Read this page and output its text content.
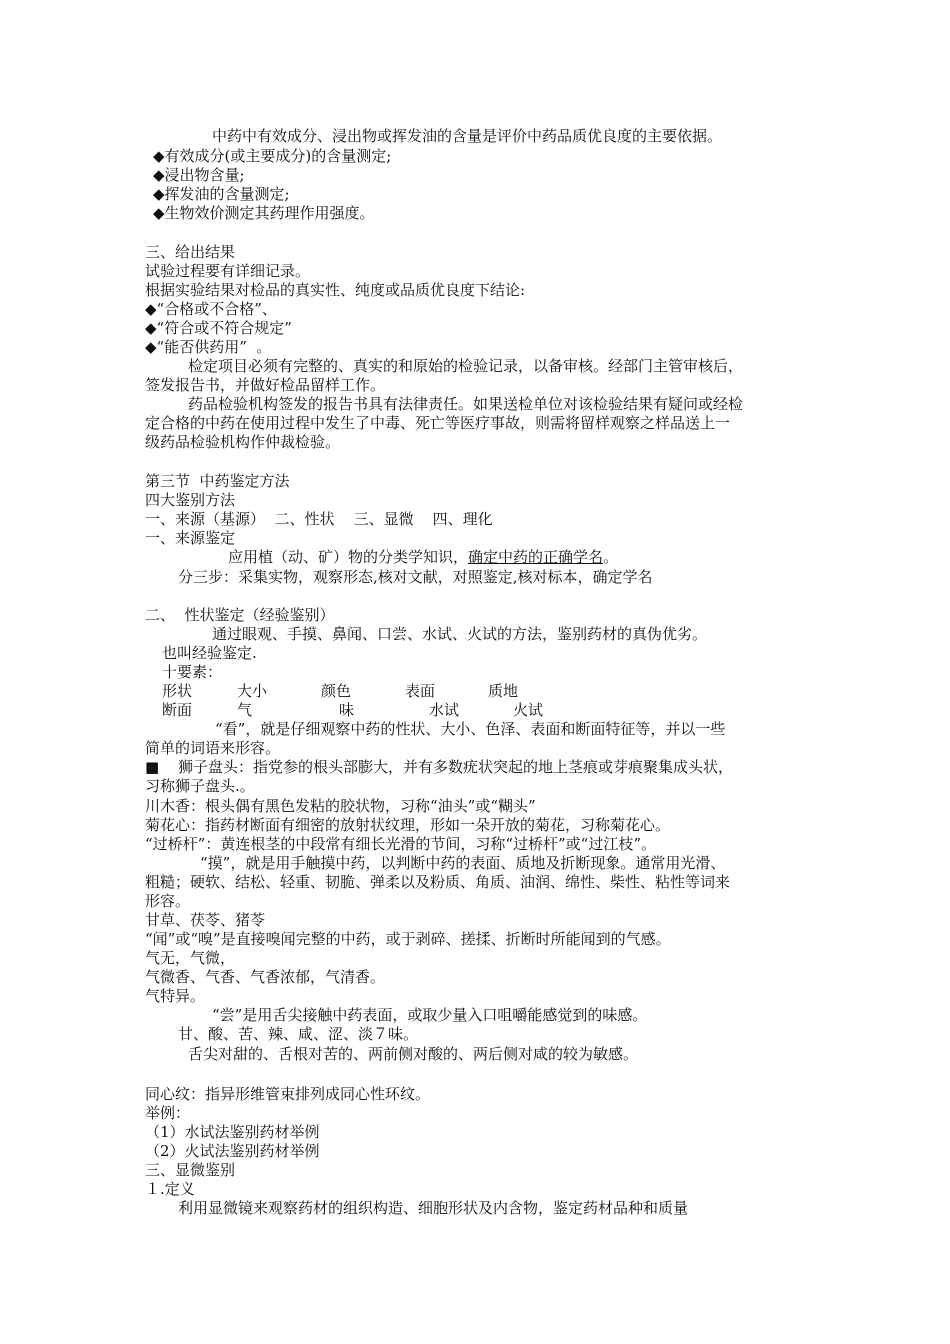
中药中有效成分、浸出物或挥发油的含量是评价中药品质优良度的主要依据。
◆有效成分(或主要成分)的含量测定;
◆浸出物含量;
◆挥发油的含量测定;
◆生物效价测定其药理作用强度。
三、给出结果
试验过程要有详细记录。
根据实验结果对检品的真实性、纯度或品质优良度下结论:
◆“合格或不合格”、
◆“符合或不符合规定”
◆“能否供药用”  。
检定项目必须有完整的、真实的和原始的检验记录，以备审核。经部门主管审核后，
签发报告书，并做好检品留样工作。
药品检验机构签发的报告书具有法律责任。如果送检单位对该检验结果有疑问或经检
定合格的中药在使用过程中发生了中毒、死亡等医疗事故，则需将留样观察之样品送上一
级药品检验机构作仲裁检验。
第三节  中药鉴定方法
四大鉴别方法
一、来源（基源）  二、性状    三、显微    四、理化
一、来源鉴定
应用植（动、矿）物的分类学知识，确定中药的正确学名。
分三步：采集实物，观察形态,核对文献，对照鉴定,核对标本，确定学名
二、  性状鉴定（经验鉴别）
通过眼观、手摸、鼻闻、口尝、水试、火试的方法，鉴别药材的真伪优劣。
也叫经验鉴定.
十要素：
形状	大小	颜色	表面	质地
断面	气	味	水试	火试
“看”，就是仔细观察中药的性状、大小、色泽、表面和断面特征等，并以一些
简单的词语来形容。
■ 狮子盘头：指党参的根头部膨大，并有多数疣状突起的地上茎痕或芽痕聚集成头状，
习称狮子盘头.。
川木香：根头偶有黑色发粘的胶状物，习称“油头”或“糊头”
菊花心：指药材断面有细密的放射状纹理，形如一朵开放的菊花，习称菊花心。
“过桥杆”：黄连根茎的中段常有细长光滑的节间，习称“过桥杆”或“过江枝”。
“摸”，就是用手触摸中药，以判断中药的表面、质地及折断现象。通常用光滑、
粗糙；硬软、结松、轻重、韧脆、弹柔以及粉质、角质、油润、绵性、柴性、粘性等词来
形容。
甘草、茯苓、猪苓
“闻”或“嗅”是直接嗅闻完整的中药，或于剥碎、搓揉、折断时所能闻到的气感。
气无，气微，
气微香、气香、气香浓郁，气清香。
气特异。
“尝”是用舌尖接触中药表面，或取少量入口咀嚼能感觉到的味感。
甘、酸、苦、辣、咸、涩、淡７味。
舌尖对甜的、舌根对苦的、两前侧对酸的、两后侧对咸的较为敏感。
同心纹：指异形维管束排列成同心性环纹。
举例：
（1）水试法鉴别药材举例
（2）火试法鉴别药材举例
三、显微鉴别
１.定义
利用显微镜来观察药材的组织构造、细胞形状及内含物，鉴定药材品种和质量
